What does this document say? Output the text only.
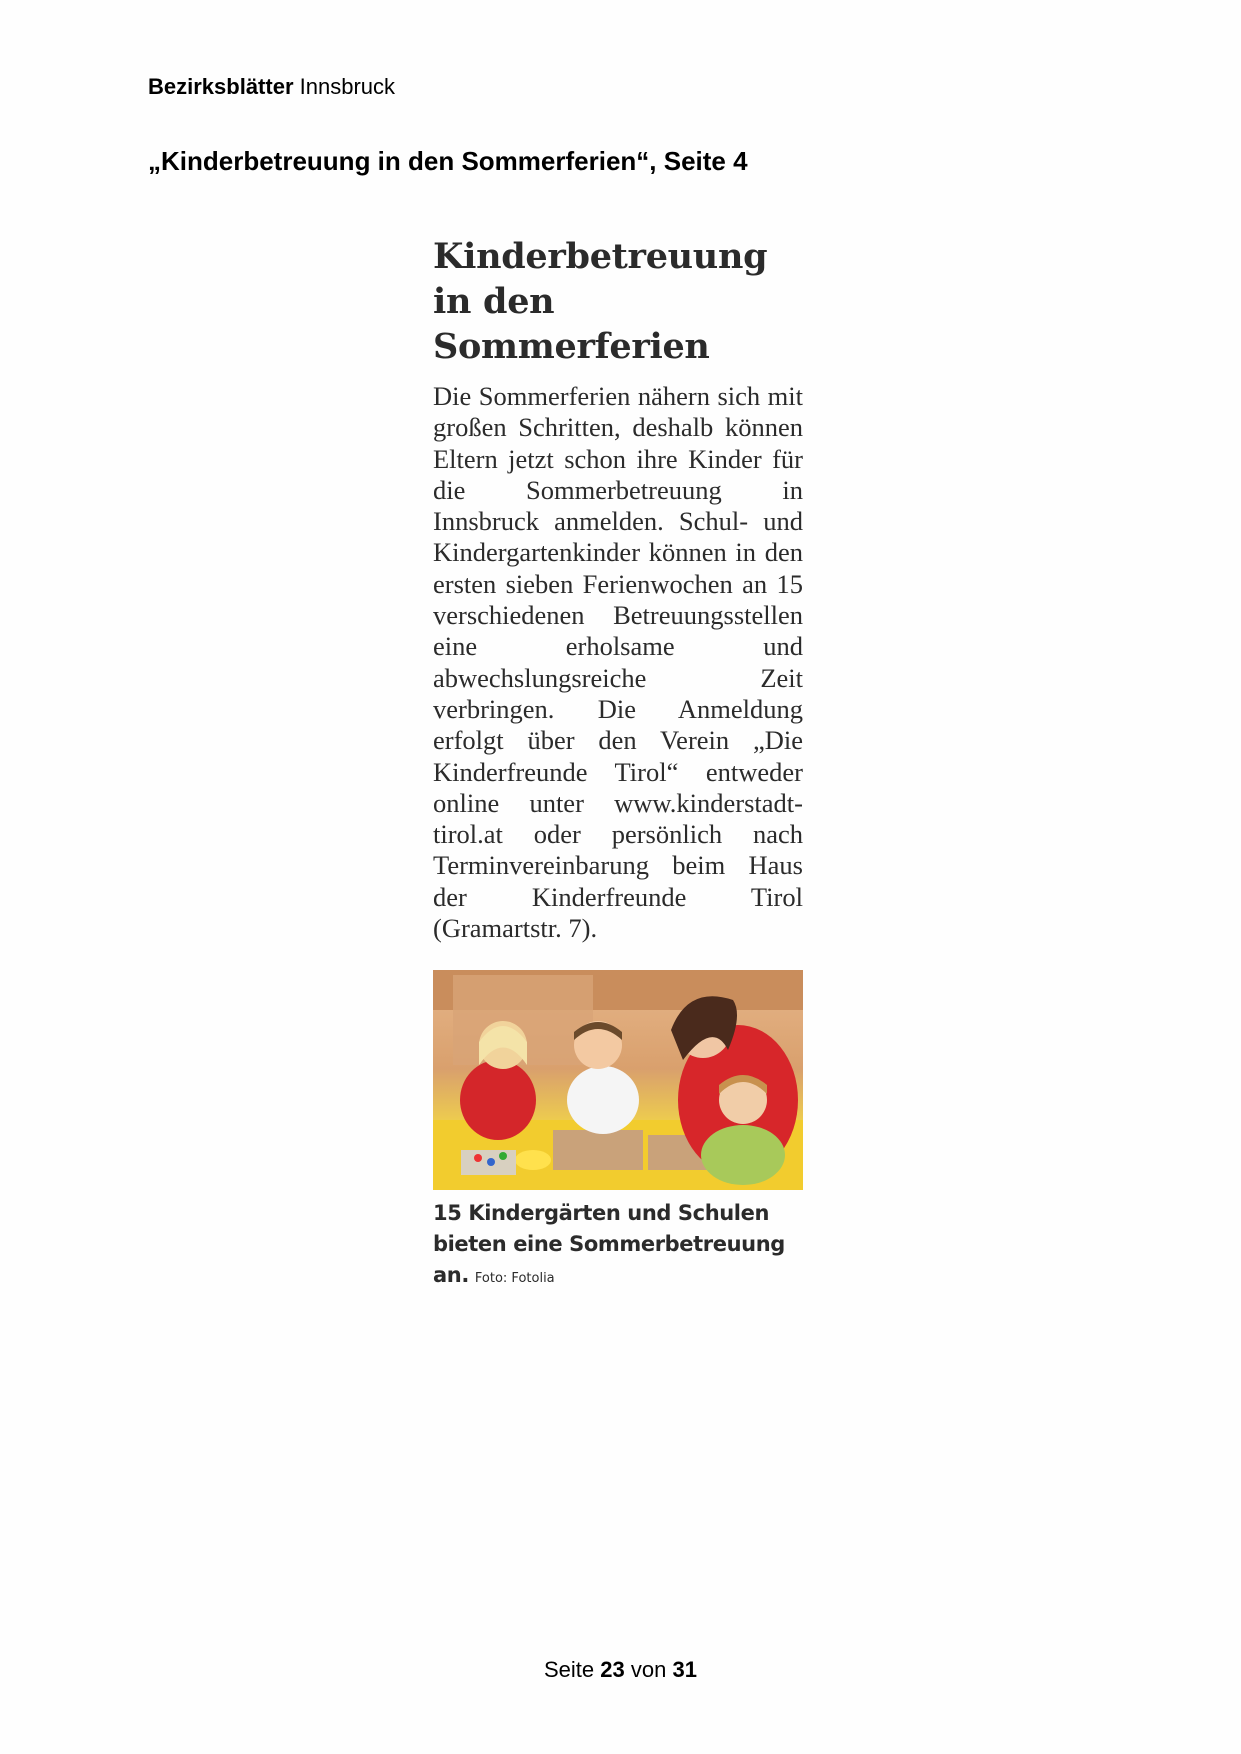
Bezirksblätter Innsbruck
„Kinderbetreuung in den Sommerferien“, Seite 4
Kinderbetreuung in den Sommerferien

Die Sommerferien nähern sich mit großen Schritten, deshalb können Eltern jetzt schon ihre Kinder für die Sommerbetreuung in Innsbruck anmelden. Schul- und Kindergartenkinder können in den ersten sieben Ferienwochen an 15 verschiedenen Betreuungsstellen eine erholsame und abwechslungsreiche Zeit verbringen. Die Anmeldung erfolgt über den Verein „Die Kinderfreunde Tirol“ entweder online unter www.kinderstadt-tirol.at oder persönlich nach Terminvereinbarung beim Haus der Kinderfreunde Tirol (Gramartstr. 7).

15 Kindergärten und Schulen bieten eine Sommerbetreuung an. Foto: Fotolia
Seite 23 von 31
